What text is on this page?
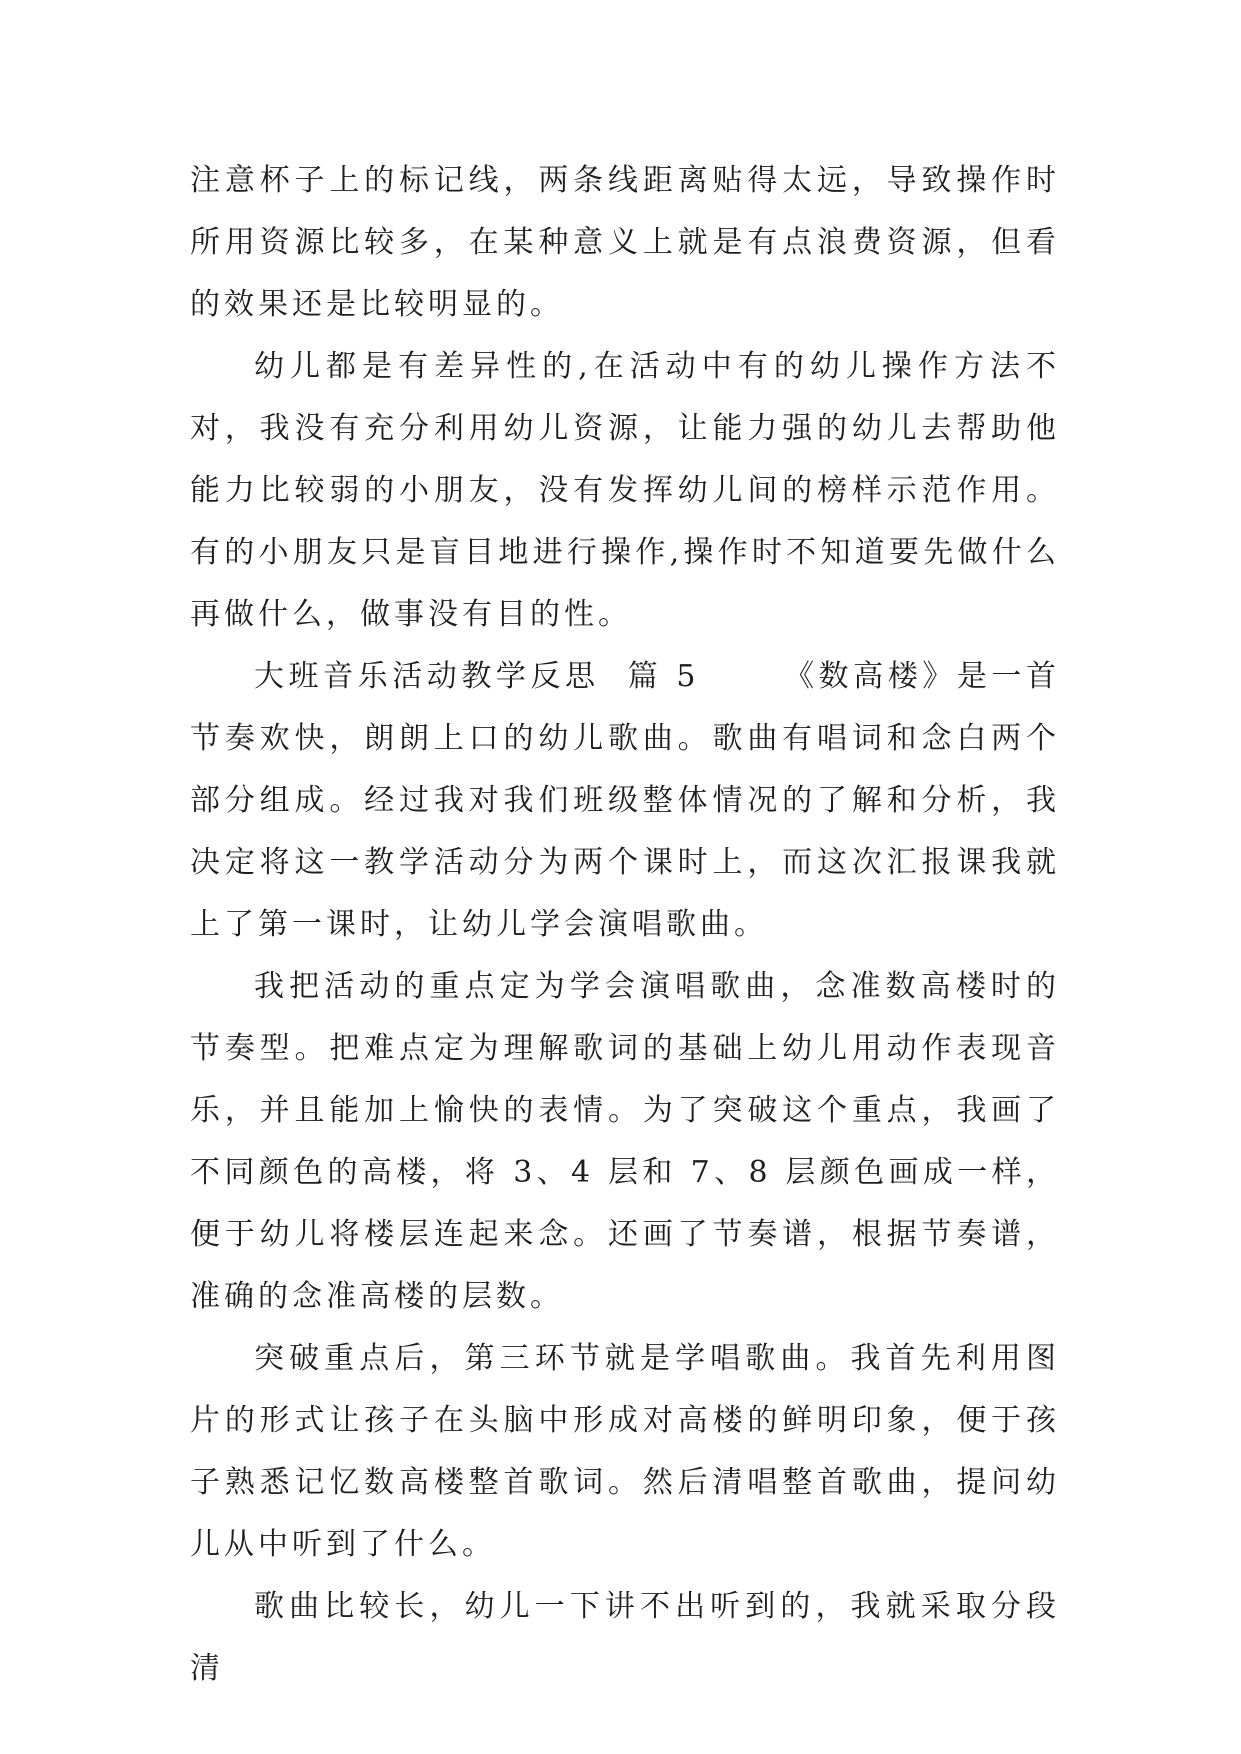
注意杯子上的标记线，两条线距离贴得太远，导致操作时所用资源比较多，在某种意义上就是有点浪费资源，但看的效果还是比较明显的。

幼儿都是有差异性的,在活动中有的幼儿操作方法不对，我没有充分利用幼儿资源，让能力强的幼儿去帮助他能力比较弱的小朋友，没有发挥幼儿间的榜样示范作用。有的小朋友只是盲目地进行操作,操作时不知道要先做什么再做什么，做事没有目的性。

大班音乐活动教学反思  篇 5      《数高楼》是一首节奏欢快，朗朗上口的幼儿歌曲。歌曲有唱词和念白两个部分组成。经过我对我们班级整体情况的了解和分析，我决定将这一教学活动分为两个课时上，而这次汇报课我就上了第一课时，让幼儿学会演唱歌曲。

我把活动的重点定为学会演唱歌曲，念准数高楼时的节奏型。把难点定为理解歌词的基础上幼儿用动作表现音乐，并且能加上愉快的表情。为了突破这个重点，我画了不同颜色的高楼，将 3、4 层和 7、8 层颜色画成一样，便于幼儿将楼层连起来念。还画了节奏谱，根据节奏谱，准确的念准高楼的层数。

突破重点后，第三环节就是学唱歌曲。我首先利用图片的形式让孩子在头脑中形成对高楼的鲜明印象，便于孩子熟悉记忆数高楼整首歌词。然后清唱整首歌曲，提问幼儿从中听到了什么。

歌曲比较长，幼儿一下讲不出听到的，我就采取分段清
